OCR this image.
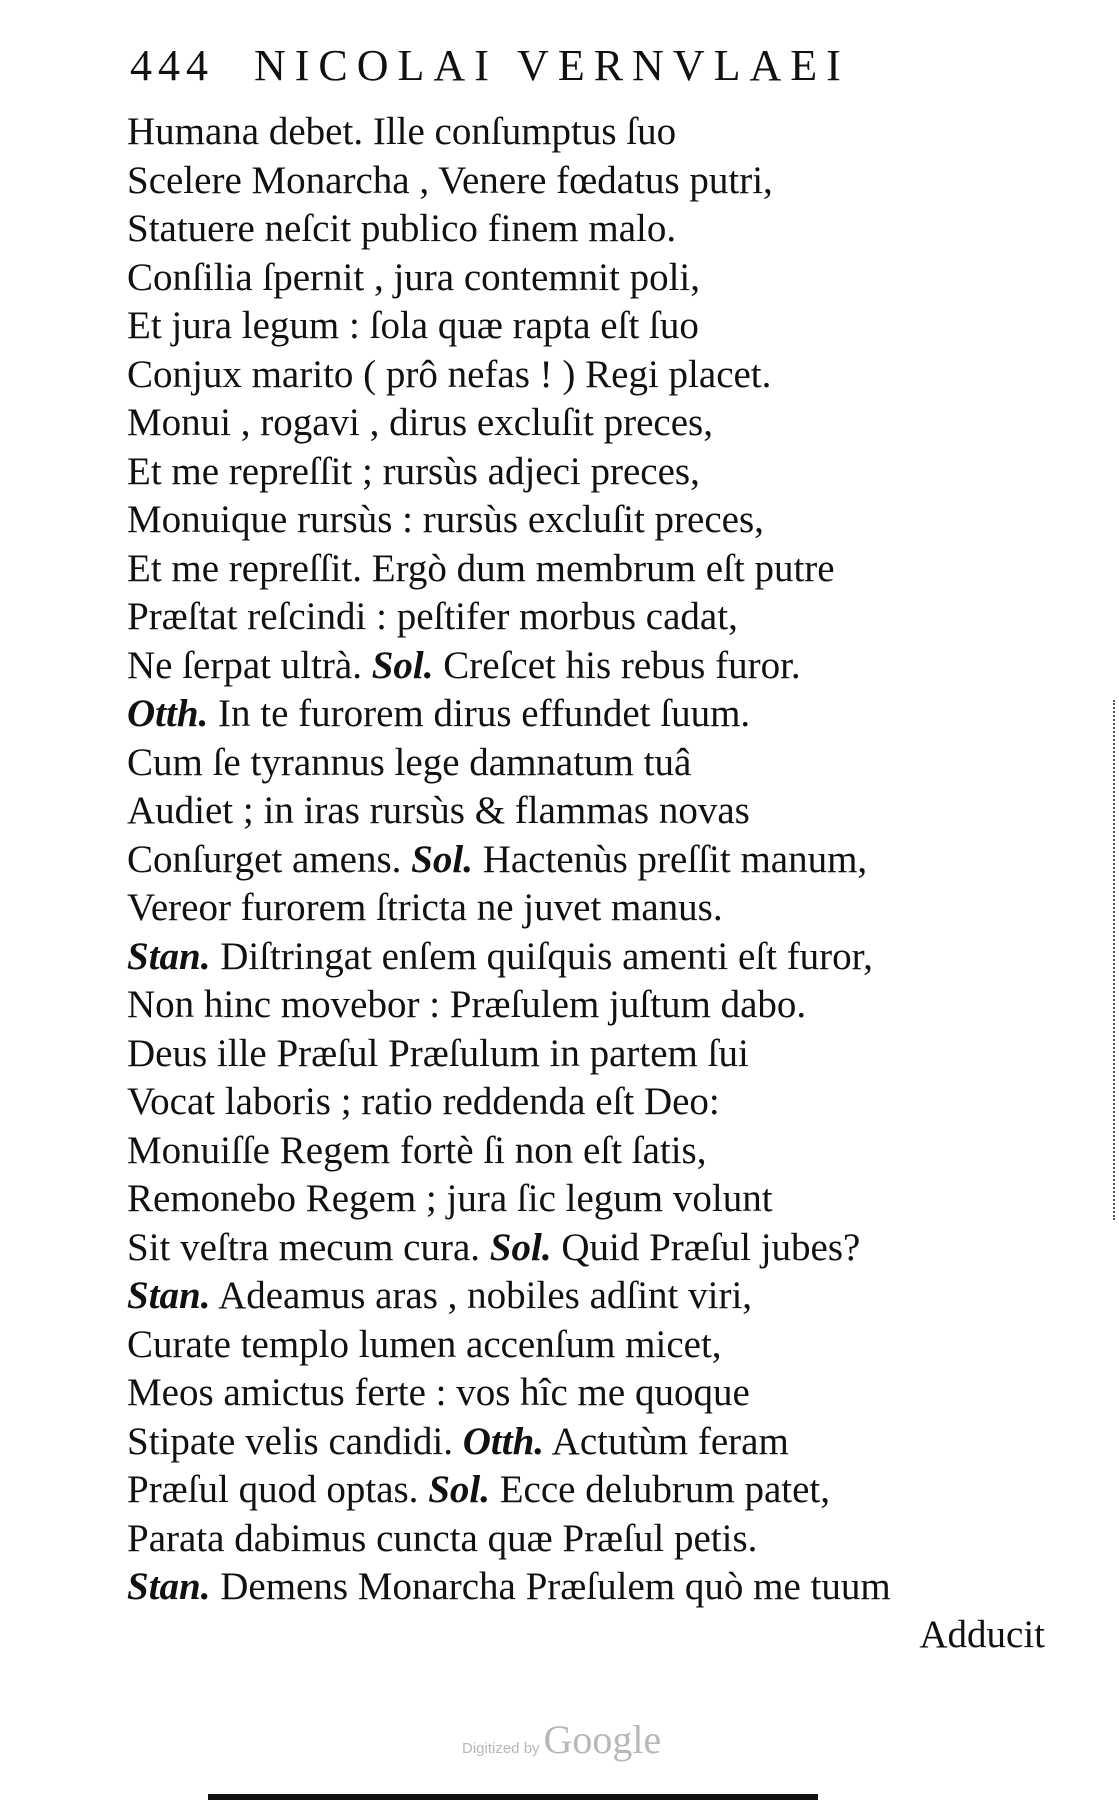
444 NICOLAI VERNVLAEI
Humana debet. Ille conſumptus ſuo
Scelere Monarcha , Venere fœdatus putri,
Statuere neſcit publico finem malo.
Conſilia ſpernit , jura contemnit poli,
Et jura legum : ſola quæ rapta eſt ſuo
Conjux marito ( prô nefas ! ) Regi placet.
Monui , rogavi , dirus excluſit preces,
Et me repreſſit ; rursùs adjeci preces,
Monuique rursùs : rursùs excluſit preces,
Et me repreſſit. Ergò dum membrum eſt putre
Præſtat reſcindi : peſtifer morbus cadat,
Ne ſerpat ultrà. Sol. Creſcet his rebus furor.
Otth. In te furorem dirus effundet ſuum.
Cum ſe tyrannus lege damnatum tuâ
Audiet ; in iras rursùs & flammas novas
Conſurget amens. Sol. Hactenùs preſſit manum,
Vereor furorem ſtricta ne juvet manus.
Stan. Diſtringat enſem quiſquis amenti eſt furor,
Non hinc movebor : Præſulem juſtum dabo.
Deus ille Præſul Præſulum in partem ſui
Vocat laboris ; ratio reddenda eſt Deo:
Monuiſſe Regem fortè ſi non eſt ſatis,
Remonebo Regem ; jura ſic legum volunt
Sit veſtra mecum cura. Sol. Quid Præſul jubes?
Stan. Adeamus aras , nobiles adſint viri,
Curate templo lumen accenſum micet,
Meos amictus ferte : vos hîc me quoque
Stipate velis candidi. Otth. Actutùm feram
Præſul quod optas. Sol. Ecce delubrum patet,
Parata dabimus cuncta quæ Præſul petis.
Stan. Demens Monarcha Præſulem quò me tuum
Adducit
Digitized by Google
